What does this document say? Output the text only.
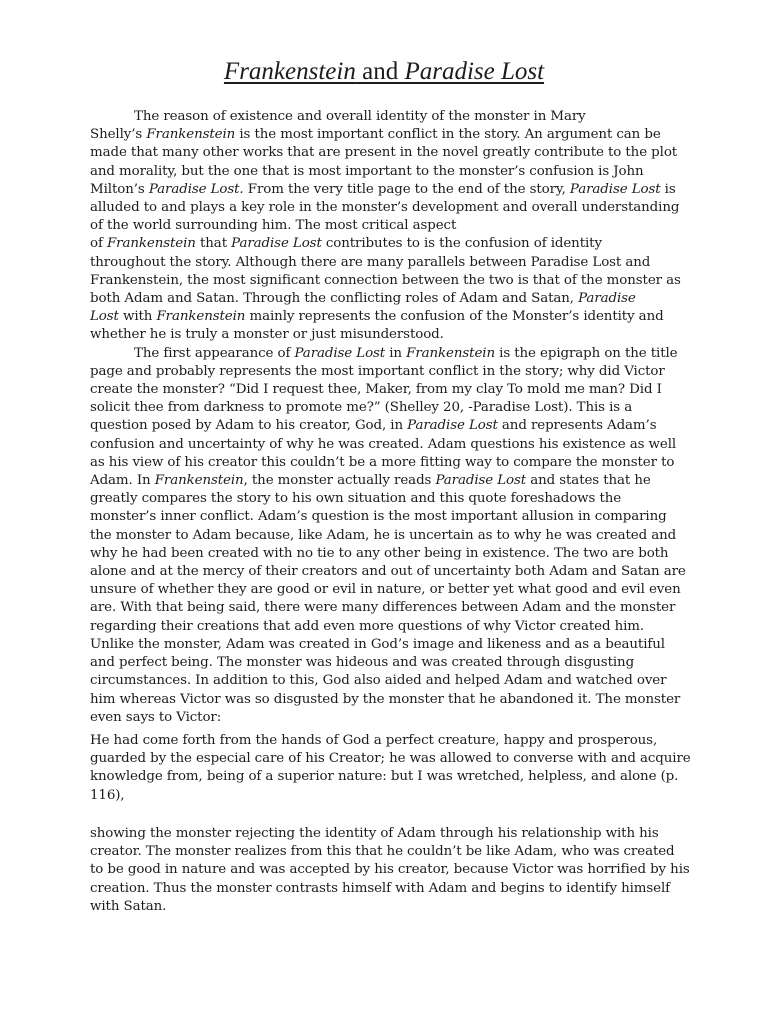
Frankenstein and Paradise Lost
The reason of existence and overall identity of the monster in Mary
Shelly’s Frankenstein is the most important conflict in the story. An argument can be
made that many other works that are present in the novel greatly contribute to the plot
and morality, but the one that is most important to the monster’s confusion is John
Milton’s Paradise Lost. From the very title page to the end of the story, Paradise Lost is
alluded to and plays a key role in the monster’s development and overall understanding
of the world surrounding him. The most critical aspect
of Frankenstein that Paradise Lost contributes to is the confusion of identity
throughout the story. Although there are many parallels between Paradise Lost and
Frankenstein, the most significant connection between the two is that of the monster as
both Adam and Satan. Through the conflicting roles of Adam and Satan, Paradise
Lost with Frankenstein mainly represents the confusion of the Monster’s identity and
whether he is truly a monster or just misunderstood.
The first appearance of Paradise Lost in Frankenstein is the epigraph on the title
page and probably represents the most important conflict in the story; why did Victor
create the monster? “Did I request thee, Maker, from my clay To mold me man? Did I
solicit thee from darkness to promote me?” (Shelley 20, -Paradise Lost). This is a
question posed by Adam to his creator, God, in Paradise Lost and represents Adam’s
confusion and uncertainty of why he was created. Adam questions his existence as well
as his view of his creator this couldn’t be a more fitting way to compare the monster to
Adam. In Frankenstein, the monster actually reads Paradise Lost and states that he
greatly compares the story to his own situation and this quote foreshadows the
monster’s inner conflict. Adam’s question is the most important allusion in comparing
the monster to Adam because, like Adam, he is uncertain as to why he was created and
why he had been created with no tie to any other being in existence. The two are both
alone and at the mercy of their creators and out of uncertainty both Adam and Satan are
unsure of whether they are good or evil in nature, or better yet what good and evil even
are. With that being said, there were many differences between Adam and the monster
regarding their creations that add even more questions of why Victor created him.
Unlike the monster, Adam was created in God’s image and likeness and as a beautiful
and perfect being. The monster was hideous and was created through disgusting
circumstances. In addition to this, God also aided and helped Adam and watched over
him whereas Victor was so disgusted by the monster that he abandoned it. The monster
even says to Victor:
He had come forth from the hands of God a perfect creature, happy and prosperous,
guarded by the especial care of his Creator; he was allowed to converse with and acquire
knowledge from, being of a superior nature: but I was wretched, helpless, and alone (p.
116),
showing the monster rejecting the identity of Adam through his relationship with his
creator. The monster realizes from this that he couldn’t be like Adam, who was created
to be good in nature and was accepted by his creator, because Victor was horrified by his
creation. Thus the monster contrasts himself with Adam and begins to identify himself
with Satan.
